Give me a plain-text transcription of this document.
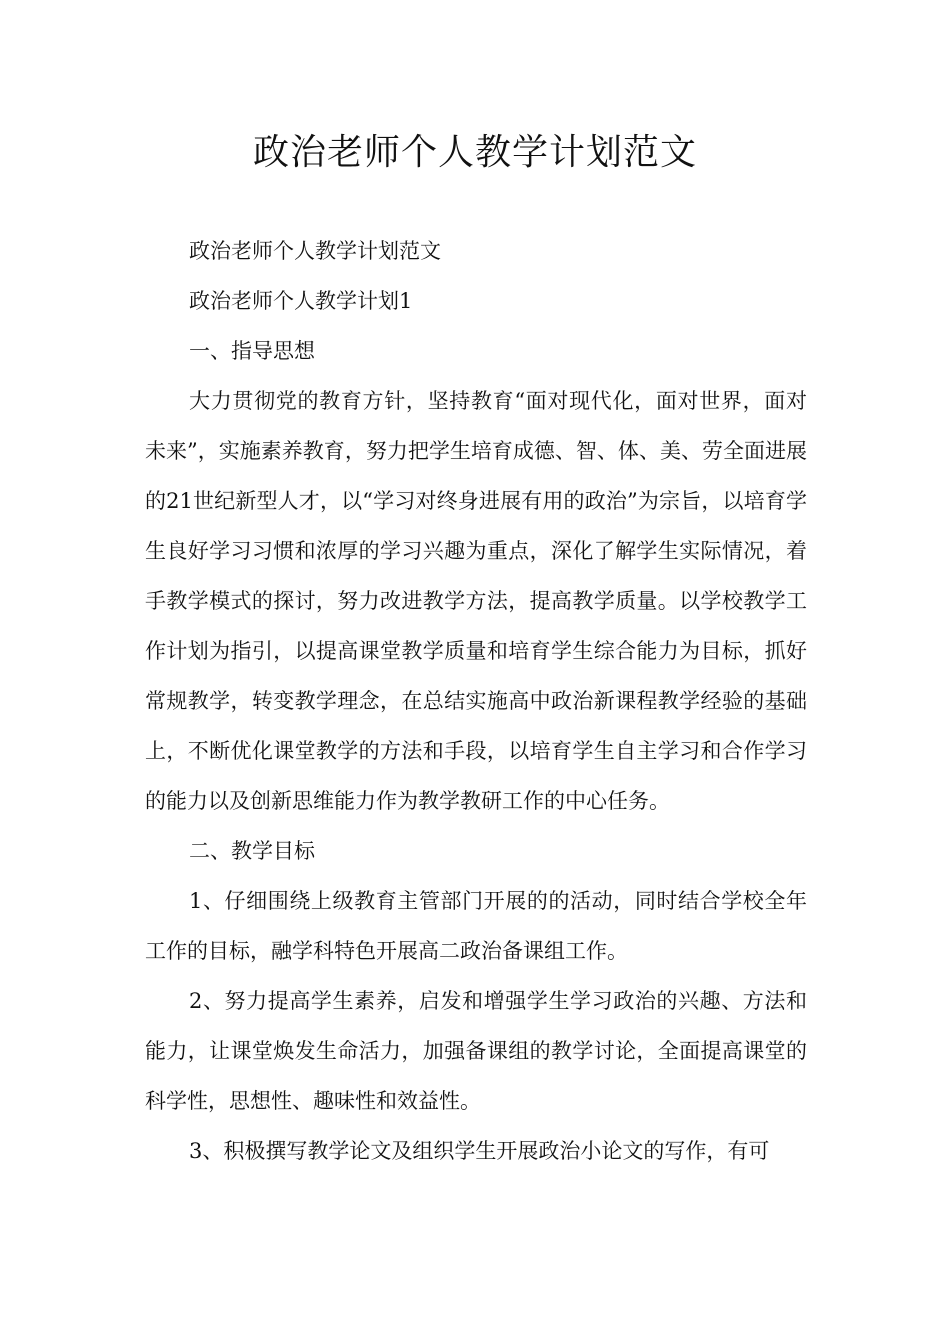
政治老师个人教学计划范文

政治老师个人教学计划范文

政治老师个人教学计划1

一、指导思想

大力贯彻党的教育方针，坚持教育“面对现代化，面对世界，面对未来”，实施素养教育，努力把学生培育成德、智、体、美、劳全面进展的21世纪新型人才，以“学习对终身进展有用的政治”为宗旨，以培育学生良好学习习惯和浓厚的学习兴趣为重点，深化了解学生实际情况，着手教学模式的探讨，努力改进教学方法，提高教学质量。以学校教学工作计划为指引，以提高课堂教学质量和培育学生综合能力为目标，抓好常规教学，转变教学理念，在总结实施高中政治新课程教学经验的基础上，不断优化课堂教学的方法和手段，以培育学生自主学习和合作学习的能力以及创新思维能力作为教学教研工作的中心任务。

二、教学目标

1、仔细围绕上级教育主管部门开展的的活动，同时结合学校全年工作的目标，融学科特色开展高二政治备课组工作。

2、努力提高学生素养，启发和增强学生学习政治的兴趣、方法和能力，让课堂焕发生命活力，加强备课组的教学讨论，全面提高课堂的科学性，思想性、趣味性和效益性。

3、积极撰写教学论文及组织学生开展政治小论文的写作，有可
